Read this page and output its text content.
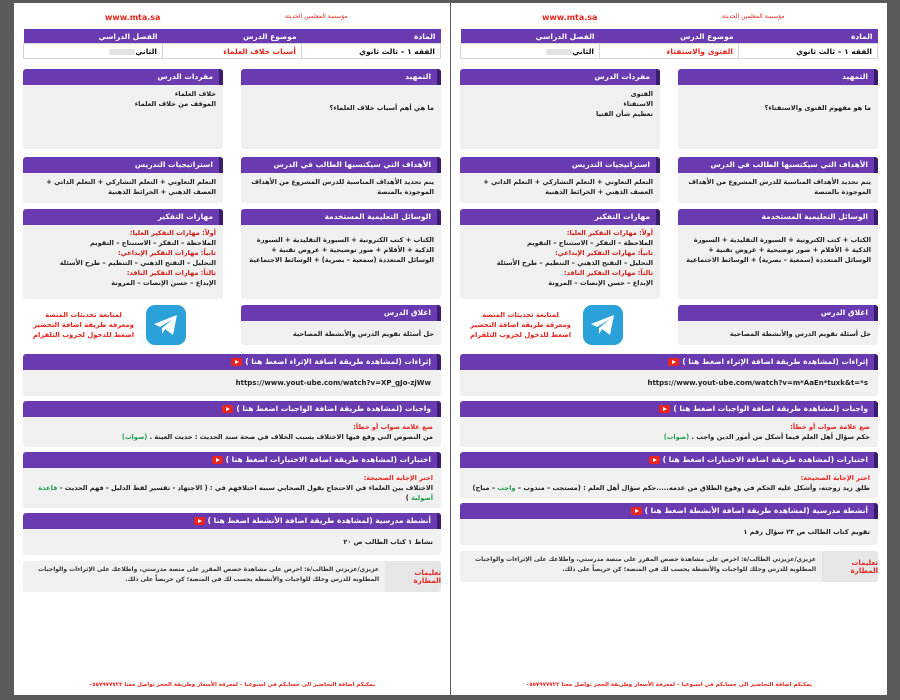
www.mta.sa	مؤسسة المعلمين الحديثة
المادة	موضوع الدرس	الفصل الدراسي
الفقه ١ – ثالث ثانوي	أسباب خلاف العلماء	الثاني
التمهيد
ما هي أهم أسباب خلاف العلماء؟
مفردات الدرس
خلاف العلماء
الموقف من خلاف العلماء
الأهداف التي سيكتسبها الطالب في الدرس
يتم تحديد الأهداف المناسبة للدرس المشروع من الأهداف الموجودة بالمنصة
استراتيجيات التدريس
التعلم التعاوني + التعلم التشاركي + التعلم الذاتي + العصف الذهني + الخرائط الذهنية
الوسائل التعليمية المستخدمة
الكتاب + كتب الكترونية + السبورة التقليدية + السبورة الذكية + الأقلام + صور توضيحية + عروض تقنية + الوسائل المتعددة (سمعية – بصرية) + الوسائط الاجتماعية
مهارات التفكير
أولاً: مهارات التفكير العليا:
الملاحظة – التفكر – الاستنتاج – التقويم
ثانياً: مهارات التفكير الإبداعي:
التحليل – التفتح الذهني – التنظيم – طرح الأسئلة
ثالثاً: مهارات التفكير الناقد:
الإبداع – حسن الإنصات – المرونة
اغلاق الدرس
حل أسئلة تقويم الدرس والأنشطة المصاحبة
لمتابعة تحديثات المنصة
ومعرفة طريقة اضافة التحضير
اضغط للدخول لجروب التلقرام
إثراءات (لمشاهدة طريقة اضافة الإثراء اضغط هنا )
https://www.yout-ube.com/watch?v=XP_gJo-zjWw
واجبات (لمشاهدة طريقة اضافة الواجبات اضغط هنا )
ضع علامة صواب أو خطأ:
من النصوص التي وقع فيها الاختلاف بسبب الخلاف في صحة سند الحديث : حديث العينة . (صواب)
اختبارات (لمشاهدة طريقة اضافة الاختبارات اضغط هنا )
اختر الإجابة الصحيحة:
الاختلاف بين العلماء في الاحتجاج بقول الصحابي سببه اختلافهم في : ( الاجتهاد - تفسير لفظ الدليل - فهم الحديث - قاعدة أصولية )
أنشطة مدرسية (لمشاهدة طريقة اضافة الأنشطة اضغط هنا )
نشاط ١ كتاب الطالب ص ٢٠
تعليمات المطارة
عزيزي/عزيزتي الطالب/ة: احرص على مشاهدة حصص المقرر على منصة مدرستي، واطلاعك على الإثراءات والواجبات المطلوبة للدرس وحلك للواجبات والأنشطة يحسب لك في المنصة؛ كن حريصاً على ذلك.
يمكنكم اضافة التحاضير الى حسابكم في اسبوعيا – لمعرفة الأسعار وطريقة الحجز تواصل معنا ٠٥٥٧٩٧٧٧٢٢
www.mta.sa	مؤسسة المعلمين الحديثة
المادة	موضوع الدرس	الفصل الدراسي
الفقه ١ – ثالث ثانوي	الفتوى والاستفتاء	الثاني
التمهيد
ما هو مفهوم الفتوى والاستفتاء؟
مفردات الدرس
الفتوى
الاستفتاء
تعظيم شأن الفتيا
الأهداف التي سيكتسبها الطالب في الدرس
يتم تحديد الأهداف المناسبة للدرس المشروع من الأهداف الموجودة بالمنصة
استراتيجيات التدريس
التعلم التعاوني + التعلم التشاركي + التعلم الذاتي + العصف الذهني + الخرائط الذهنية
الوسائل التعليمية المستخدمة
الكتاب + كتب الكترونية + السبورة التقليدية + السبورة الذكية + الأقلام + صور توضيحية + عروض تقنية + الوسائل المتعددة (سمعية – بصرية) + الوسائط الاجتماعية
مهارات التفكير
أولاً: مهارات التفكير العليا:
الملاحظة – التفكر – الاستنتاج – التقويم
ثانياً: مهارات التفكير الإبداعي:
التحليل – التفتح الذهني – التنظيم – طرح الأسئلة
ثالثاً: مهارات التفكير الناقد:
الإبداع – حسن الإنصات – المرونة
اغلاق الدرس
حل أسئلة تقويم الدرس والأنشطة المصاحبة
لمتابعة تحديثات المنصة
ومعرفة طريقة اضافة التحضير
اضغط للدخول لجروب التلقرام
إثراءات (لمشاهدة طريقة اضافة الإثراء اضغط هنا )
https://www.yout-ube.com/watch?v=m*AaEn*tuxk&t=*s
واجبات (لمشاهدة طريقة اضافة الواجبات اضغط هنا )
ضع علامة صواب أو خطأ:
حكم سؤال أهل العلم فيما أشكل من أمور الدين واجب . (صواب)
اختبارات (لمشاهدة طريقة اضافة الاختبارات اضغط هنا )
اختر الإجابة الصحيحة:
طلق زيد زوجته، وأشكل عليه الحكم في وقوع الطلاق من عدمه.....حكم سؤال أهل العلم : (مستحب – مندوب – واجب – مباح)
أنشطة مدرسية (لمشاهدة طريقة اضافة الأنشطة اضغط هنا )
تقويم كتاب الطالب ص ٢٣ سؤال رقم ١
تعليمات المطارة
عزيزي/عزيزتي الطالب/ة: احرص على مشاهدة حصص المقرر على منصة مدرستي، واطلاعك على الإثراءات والواجبات المطلوبة للدرس وحلك للواجبات والأنشطة يحسب لك في المنصة؛ كن حريصاً على ذلك.
يمكنكم اضافة التحاضير الى حسابكم في اسبوعيا – لمعرفة الأسعار وطريقة الحجز تواصل معنا ٠٥٥٧٩٧٧٧٢٢
